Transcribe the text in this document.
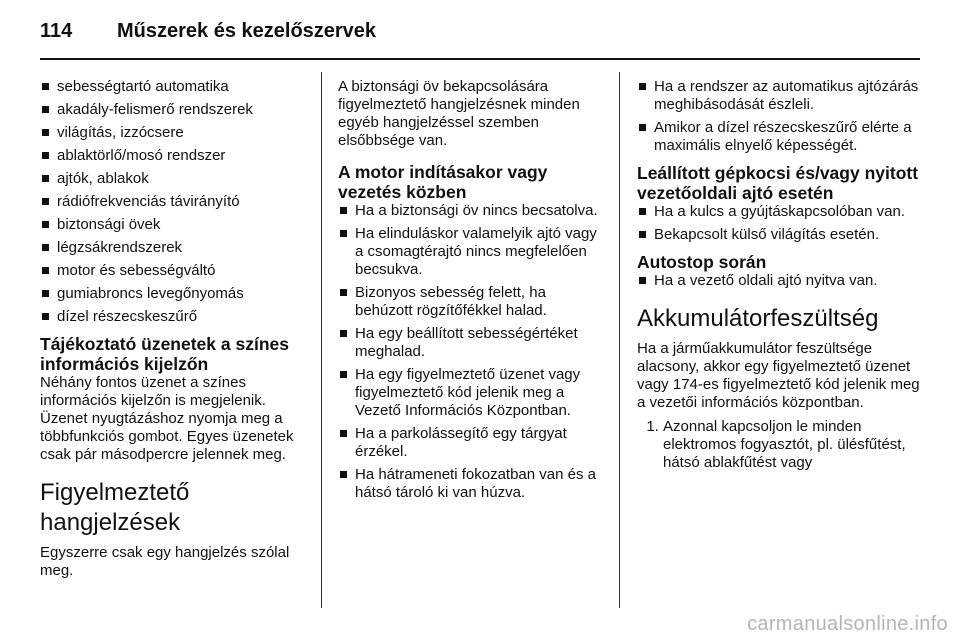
114 Műszerek és kezelőszervek
sebességtartó automatika
akadály-felismerő rendszerek
világítás, izzócsere
ablaktörlő/mosó rendszer
ajtók, ablakok
rádiófrekvenciás távirányító
biztonsági övek
légzsákrendszerek
motor és sebességváltó
gumiabroncs levegőnyomás
dízel részecskeszűrő
Tájékoztató üzenetek a színes információs kijelzőn

Néhány fontos üzenet a színes információs kijelzőn is megjelenik. Üzenet nyugtázáshoz nyomja meg a többfunkciós gombot. Egyes üzenetek csak pár másodpercre jelennek meg.

Figyelmeztető hangjelzések

Egyszerre csak egy hangjelzés szólal meg.

A biztonsági öv bekapcsolására figyelmeztető hangjelzésnek minden egyéb hangjelzéssel szemben elsőbbsége van.

A motor indításakor vagy vezetés közben
Ha a biztonsági öv nincs becsatolva.
Ha elinduláskor valamelyik ajtó vagy a csomagtérajtó nincs megfelelően becsukva.
Bizonyos sebesség felett, ha behúzott rögzítőfékkel halad.
Ha egy beállított sebességértéket meghalad.
Ha egy figyelmeztető üzenet vagy figyelmeztető kód jelenik meg a Vezető Információs Központban.
Ha a parkolássegítő egy tárgyat érzékel.
Ha hátrameneti fokozatban van és a hátsó tároló ki van húzva.
Ha a rendszer az automatikus ajtózárás meghibásodását észleli.
Amikor a dízel részecskeszűrő elérte a maximális elnyelő képességét.
Leállított gépkocsi és/vagy nyitott vezetőoldali ajtó esetén
Ha a kulcs a gyújtáskapcsolóban van.
Bekapcsolt külső világítás esetén.
Autostop során
Ha a vezető oldali ajtó nyitva van.
Akkumulátorfeszültség

Ha a járműakkumulátor feszültsége alacsony, akkor egy figyelmeztető üzenet vagy 174-es figyelmeztető kód jelenik meg a vezetői információs központban.

1. Azonnal kapcsoljon le minden elektromos fogyasztót, pl. ülésfűtést, hátsó ablakfűtést vagy
carmanualsonline.info
